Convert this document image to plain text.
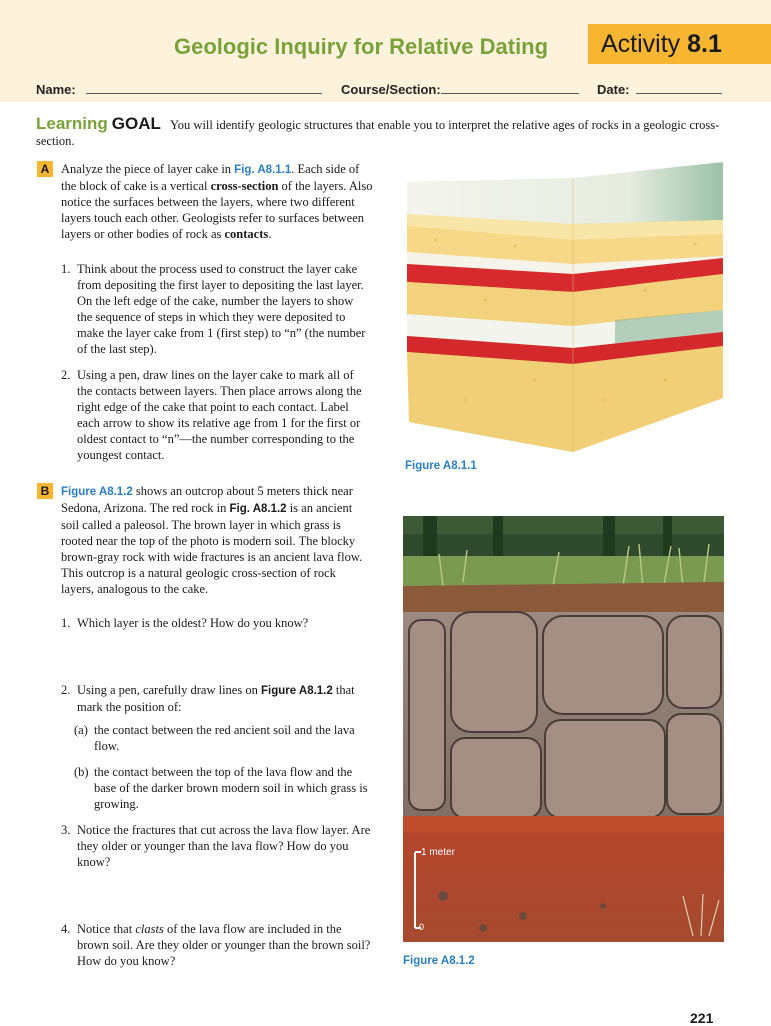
Geologic Inquiry for Relative Dating	Activity 8.1
Name:	Course/Section:	Date:
Learning GOAL You will identify geologic structures that enable you to interpret the relative ages of rocks in a geologic cross-section.
A Analyze the piece of layer cake in Fig. A8.1.1. Each side of the block of cake is a vertical cross-section of the layers. Also notice the surfaces between the layers, where two different layers touch each other. Geologists refer to surfaces between layers or other bodies of rock as contacts.
1. Think about the process used to construct the layer cake from depositing the first layer to depositing the last layer. On the left edge of the cake, number the layers to show the sequence of steps in which they were deposited to make the layer cake from 1 (first step) to “n” (the number of the last step).
2. Using a pen, draw lines on the layer cake to mark all of the contacts between layers. Then place arrows along the right edge of the cake that point to each contact. Label each arrow to show its relative age from 1 for the first or oldest contact to “n”—the number corresponding to the youngest contact.
Figure A8.1.1
B	Figure A8.1.2 shows an outcrop about 5 meters thick near Sedona, Arizona. The red rock in Fig. A8.1.2 is an ancient soil called a paleosol. The brown layer in which grass is rooted near the top of the photo is modern soil. The blocky brown-gray rock with wide fractures is an ancient lava flow. This outcrop is a natural geologic cross-section of rock layers, analogous to the cake.
1. Which layer is the oldest? How do you know?
2. Using a pen, carefully draw lines on Figure A8.1.2 that mark the position of:
(a) the contact between the red ancient soil and the lava flow.
(b) the contact between the top of the lava flow and the base of the darker brown modern soil in which grass is growing.
3. Notice the fractures that cut across the lava flow layer. Are they older or younger than the lava flow? How do you know?
4. Notice that clasts of the lava flow are included in the brown soil. Are they older or younger than the brown soil? How do you know?
1 meter
0
Figure A8.1.2
221
